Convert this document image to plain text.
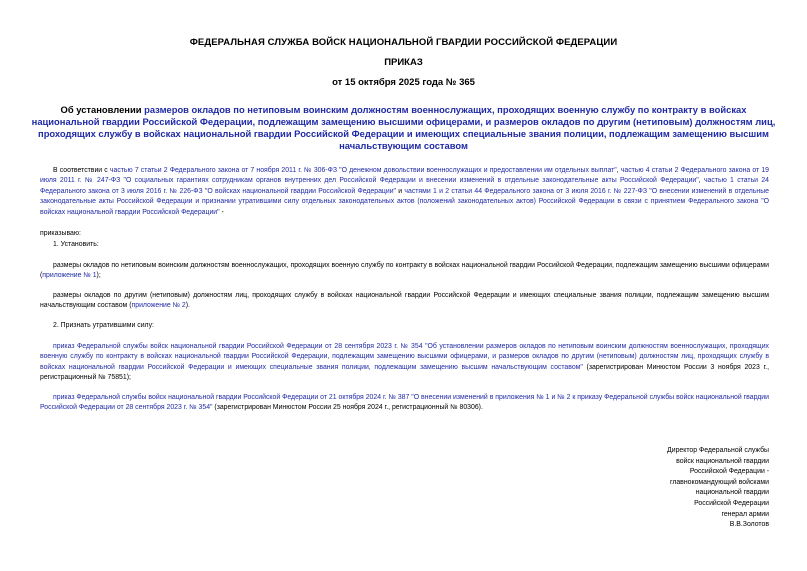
ФЕДЕРАЛЬНАЯ СЛУЖБА ВОЙСК НАЦИОНАЛЬНОЙ ГВАРДИИ РОССИЙСКОЙ ФЕДЕРАЦИИ
ПРИКАЗ
от 15 октября 2025 года № 365
Об установлении размеров окладов по нетиповым воинским должностям военнослужащих, проходящих военную службу по контракту в войсках национальной гвардии Российской Федерации, подлежащим замещению высшими офицерами, и размеров окладов по другим (нетиповым) должностям лиц, проходящих службу в войсках национальной гвардии Российской Федерации и имеющих специальные звания полиции, подлежащим замещению высшим начальствующим составом
В соответствии с частью 7 статьи 2 Федерального закона от 7 ноября 2011 г. № 306-ФЗ "О денежном довольствии военнослужащих и предоставлении им отдельных выплат", частью 4 статьи 2 Федерального закона от 19 июля 2011 г. № 247-ФЗ "О социальных гарантиях сотрудникам органов внутренних дел Российской Федерации и внесении изменений в отдельные законодательные акты Российской Федерации", частью 1 статьи 24 Федерального закона от 3 июля 2016 г. № 226-ФЗ "О войсках национальной гвардии Российской Федерации" и частями 1 и 2 статьи 44 Федерального закона от 3 июля 2016 г. № 227-ФЗ "О внесении изменений в отдельные законодательные акты Российской Федерации и признании утратившими силу отдельных законодательных актов (положений законодательных актов) Российской Федерации в связи с принятием Федерального закона "О войсках национальной гвардии Российской Федерации" -
приказываю:
1. Установить:
размеры окладов по нетиповым воинским должностям военнослужащих, проходящих военную службу по контракту в войсках национальной гвардии Российской Федерации, подлежащим замещению высшими офицерами (приложение № 1);
размеры окладов по другим (нетиповым) должностям лиц, проходящих службу в войсках национальной гвардии Российской Федерации и имеющих специальные звания полиции, подлежащим замещению высшим начальствующим составом (приложение № 2).
2. Признать утратившими силу:
приказ Федеральной службы войск национальной гвардии Российской Федерации от 28 сентября 2023 г. № 354 "Об установлении размеров окладов по нетиповым воинским должностям военнослужащих, проходящих военную службу по контракту в войсках национальной гвардии Российской Федерации, подлежащим замещению высшими офицерами, и размеров окладов по другим (нетиповым) должностям лиц, проходящих службу в войсках национальной гвардии Российской Федерации и имеющих специальные звания полиции, подлежащим замещению высшим начальствующим составом" (зарегистрирован Минюстом России 3 ноября 2023 г., регистрационный № 75851);
приказ Федеральной службы войск национальной гвардии Российской Федерации от 21 октября 2024 г. № 387 "О внесении изменений в приложения № 1 и № 2 к приказу Федеральной службы войск национальной гвардии Российской Федерации от 28 сентября 2023 г. № 354" (зарегистрирован Минюстом России 25 ноября 2024 г., регистрационный № 80306).
Директор Федеральной службы
войск национальной гвардии
Российской Федерации -
главнокомандующий войсками
национальной гвардии
Российской Федерации
генерал армии
В.В.Золотов
